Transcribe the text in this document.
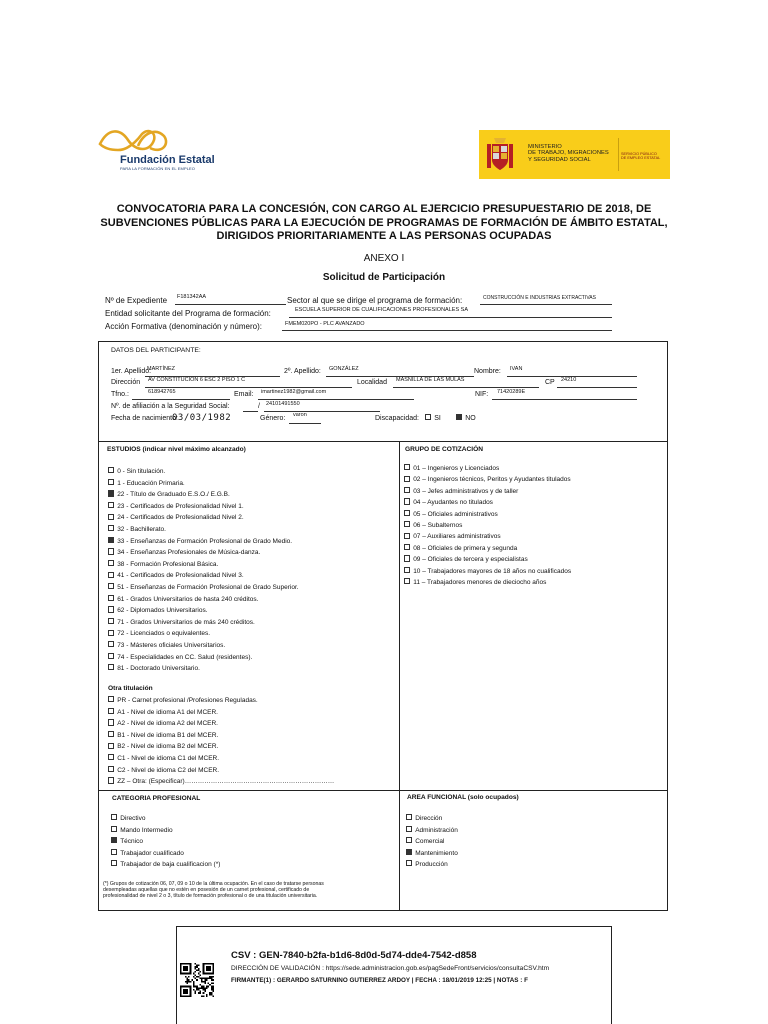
Fundación Estatal
PARA LA FORMACIÓN EN EL EMPLEO
MINISTERIO
DE TRABAJO, MIGRACIONES
Y SEGURIDAD SOCIAL
SERVICIO PÚBLICO
DE EMPLEO ESTATAL
CONVOCATORIA PARA LA CONCESIÓN, CON CARGO AL EJERCICIO PRESUPUESTARIO DE 2018, DE
SUBVENCIONES PÚBLICAS PARA LA EJECUCIÓN DE PROGRAMAS DE FORMACIÓN DE ÁMBITO ESTATAL,
DIRIGIDOS PRIORITARIAMENTE A LAS PERSONAS OCUPADAS
ANEXO I
Solicitud de Participación
Nº de Expediente F181342AA	Sector al que se dirige el programa de formación:	CONSTRUCCIÓN E INDUSTRIAS EXTRACTIVAS
Entidad solicitante del Programa de formación:	ESCUELA SUPERIOR DE CUALIFICACIONES PROFESIONALES SA
Acción Formativa (denominación y número):	FMEM020PO - PLC AVANZADO
DATOS DEL PARTICIPANTE:
1er. Apellido:
MARTÍNEZ	2º. Apellido: GONZÁLEZ	Nombre: IVAN
Dirección AV CONSTITUCION 6 ESC 2 PISO 1 C	Localidad MASNILLA DE LAS MULAS	CP 24210
Tfno.:	618942765	Email: imartinez1982@gmail.com	NIF: 71420289E
Nº. de afiliación a la Seguridad Social:	/ 24101491550
Fecha de nacimiento:
03/03/1982	Género: varon	Discapacidad:	SI	NO
ESTUDIOS (indicar nivel máximo alcanzado)
0 - Sin titulación.
1 - Educación Primaria.
22 - Título de Graduado E.S.O./ E.G.B.
23 - Certificados de Profesionalidad Nivel 1.
24 - Certificados de Profesionalidad Nivel 2.
32 - Bachillerato.
33 - Enseñanzas de Formación Profesional de Grado Medio.
34 - Enseñanzas Profesionales de Música-danza.
38 - Formación Profesional Básica.
41 - Certificados de Profesionalidad Nivel 3.
51 - Enseñanzas de Formación Profesional de Grado Superior.
61 - Grados Universitarios de hasta 240 créditos.
62 - Diplomados Universitarios.
71 - Grados Universitarios de más 240 créditos.
72 - Licenciados o equivalentes.
73 - Másteres oficiales Universitarios.
74 - Especialidades en CC. Salud (residentes).
81 - Doctorado Universitario.
Otra titulación
PR - Carnet profesional /Profesiones Reguladas.
A1 - Nivel de idioma A1 del MCER.
A2 - Nivel de idioma A2 del MCER.
B1 - Nivel de idioma B1 del MCER.
B2 - Nivel de idioma B2 del MCER.
C1 - Nivel de idioma C1 del MCER.
C2 - Nivel de idioma C2 del MCER.
ZZ – Otra: (Especificar)……………………………………………………………
GRUPO DE COTIZACIÓN
01 – Ingenieros y Licenciados
02 – Ingenieros técnicos, Peritos y Ayudantes titulados
03 – Jefes administrativos y de taller
04 – Ayudantes no titulados
05 – Oficiales administrativos
06 – Subalternos
07 – Auxiliares administrativos
08 – Oficiales de primera y segunda
09 – Oficiales de tercera y especialistas
10 – Trabajadores mayores de 18 años no cualificados
11 – Trabajadores menores de dieciocho años
CATEGORIA PROFESIONAL
Directivo
Mando Intermedio
Técnico
Trabajador cualificado
Trabajador de baja cualificacion (*)
AREA FUNCIONAL (solo ocupados)
Dirección
Administración
Comercial
Mantenimiento
Producción
(*) Grupos de cotización 06, 07, 09 o 10 de la última ocupación. En el caso de tratarse personas
desempleadas aquellas que no estén en posesión de un carnet profesional, certificado de
profesionalidad de nivel 2 o 3, título de formación profesional o de una titulación universitaria.
CSV : GEN-7840-b2fa-b1d6-8d0d-5d74-dde4-7542-d858
DIRECCIÓN DE VALIDACIÓN : https://sede.administracion.gob.es/pagSedeFront/servicios/consultaCSV.htm
FIRMANTE(1) : GERARDO SATURNINO GUTIERREZ ARDOY | FECHA : 18/01/2019 12:25 | NOTAS : F
